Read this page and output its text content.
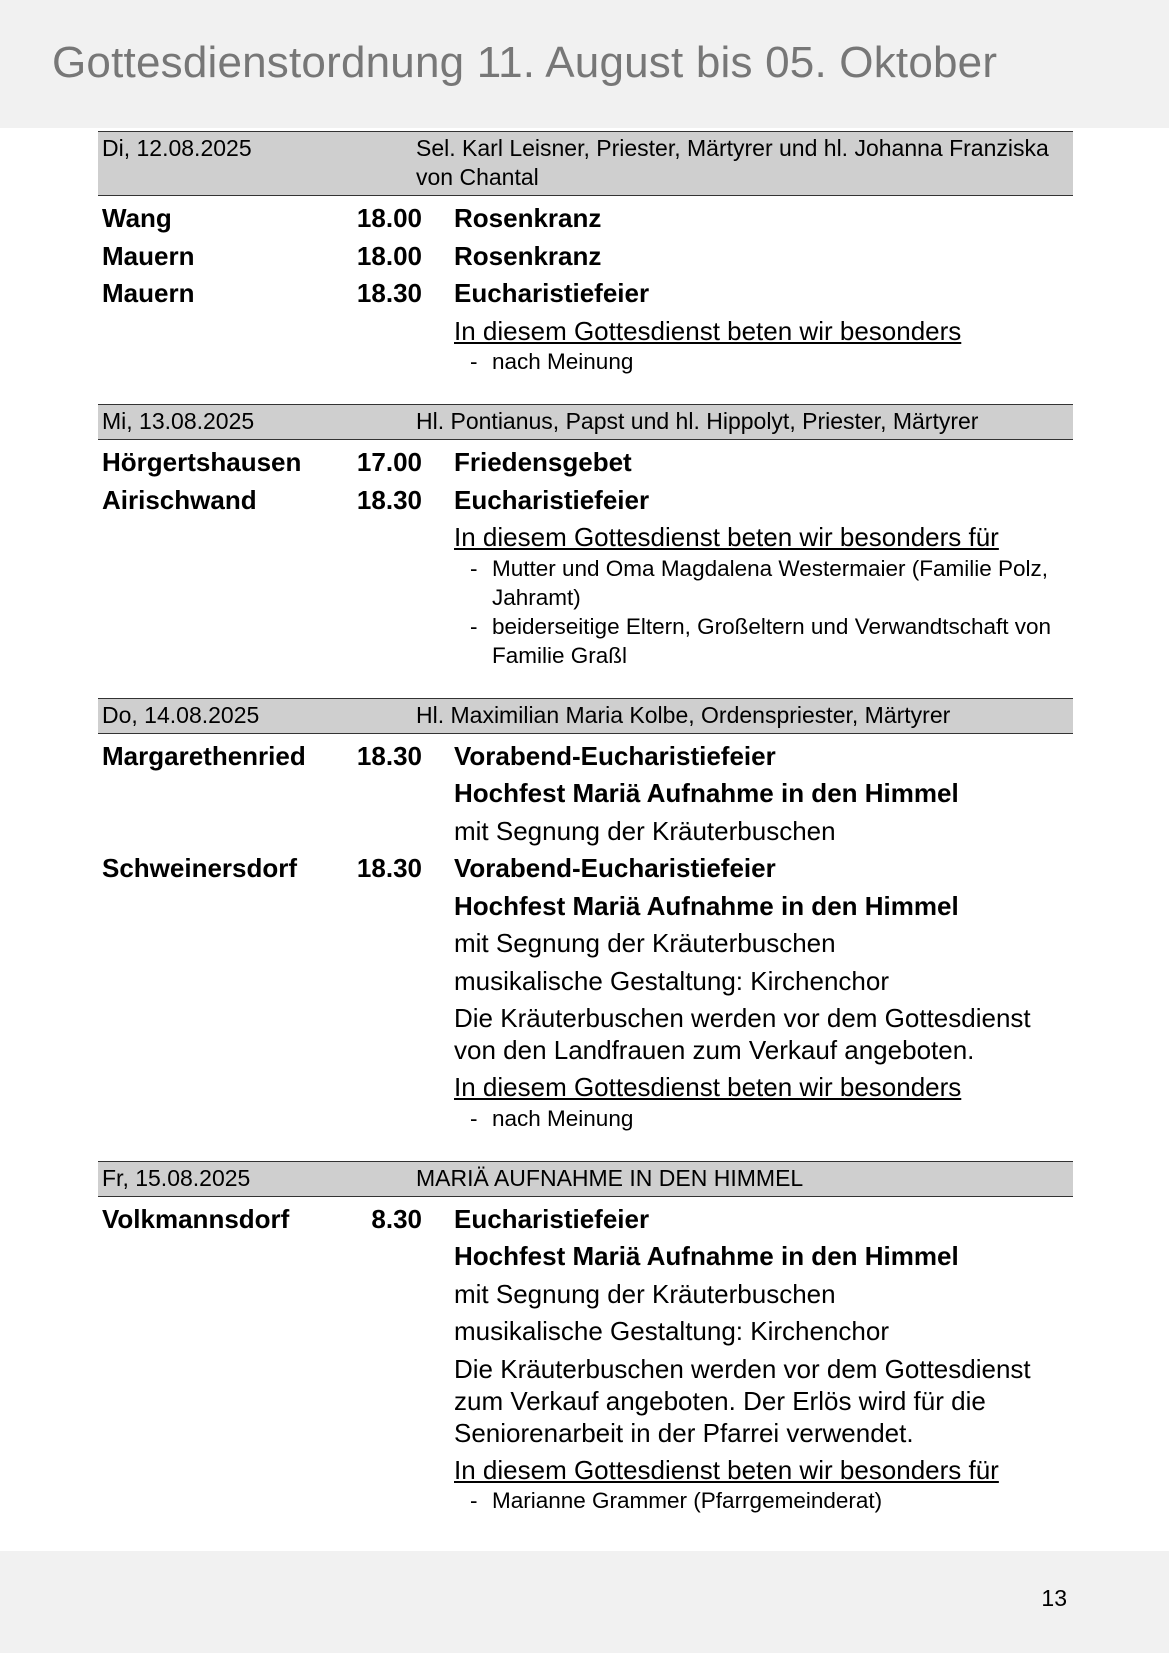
Gottesdienstordnung 11. August bis 05. Oktober
Di, 12.08.2025	Sel. Karl Leisner, Priester, Märtyrer und hl. Johanna Franziska von Chantal
Wang	18.00 Rosenkranz
Mauern	18.00 Rosenkranz
Mauern	18.30 Eucharistiefeier
In diesem Gottesdienst beten wir besonders
- nach Meinung
Mi, 13.08.2025	Hl. Pontianus, Papst und hl. Hippolyt, Priester, Märtyrer
Hörgertshausen	17.00 Friedensgebet
Airischwand	18.30 Eucharistiefeier
In diesem Gottesdienst beten wir besonders für
- Mutter und Oma Magdalena Westermaier (Familie Polz, Jahramt)
- beiderseitige Eltern, Großeltern und Verwandtschaft von Familie Graßl
Do, 14.08.2025	Hl. Maximilian Maria Kolbe, Ordenspriester, Märtyrer
Margarethenried	18.30 Vorabend-Eucharistiefeier
Hochfest Mariä Aufnahme in den Himmel
mit Segnung der Kräuterbuschen
Schweinersdorf	18.30 Vorabend-Eucharistiefeier
Hochfest Mariä Aufnahme in den Himmel
mit Segnung der Kräuterbuschen
musikalische Gestaltung: Kirchenchor
Die Kräuterbuschen werden vor dem Gottesdienst von den Landfrauen zum Verkauf angeboten.
In diesem Gottesdienst beten wir besonders
- nach Meinung
Fr, 15.08.2025	MARIÄ AUFNAHME IN DEN HIMMEL
Volkmannsdorf	8.30 Eucharistiefeier
Hochfest Mariä Aufnahme in den Himmel
mit Segnung der Kräuterbuschen
musikalische Gestaltung: Kirchenchor
Die Kräuterbuschen werden vor dem Gottesdienst zum Verkauf angeboten. Der Erlös wird für die Seniorenarbeit in der Pfarrei verwendet.
In diesem Gottesdienst beten wir besonders für
- Marianne Grammer (Pfarrgemeinderat)
13
